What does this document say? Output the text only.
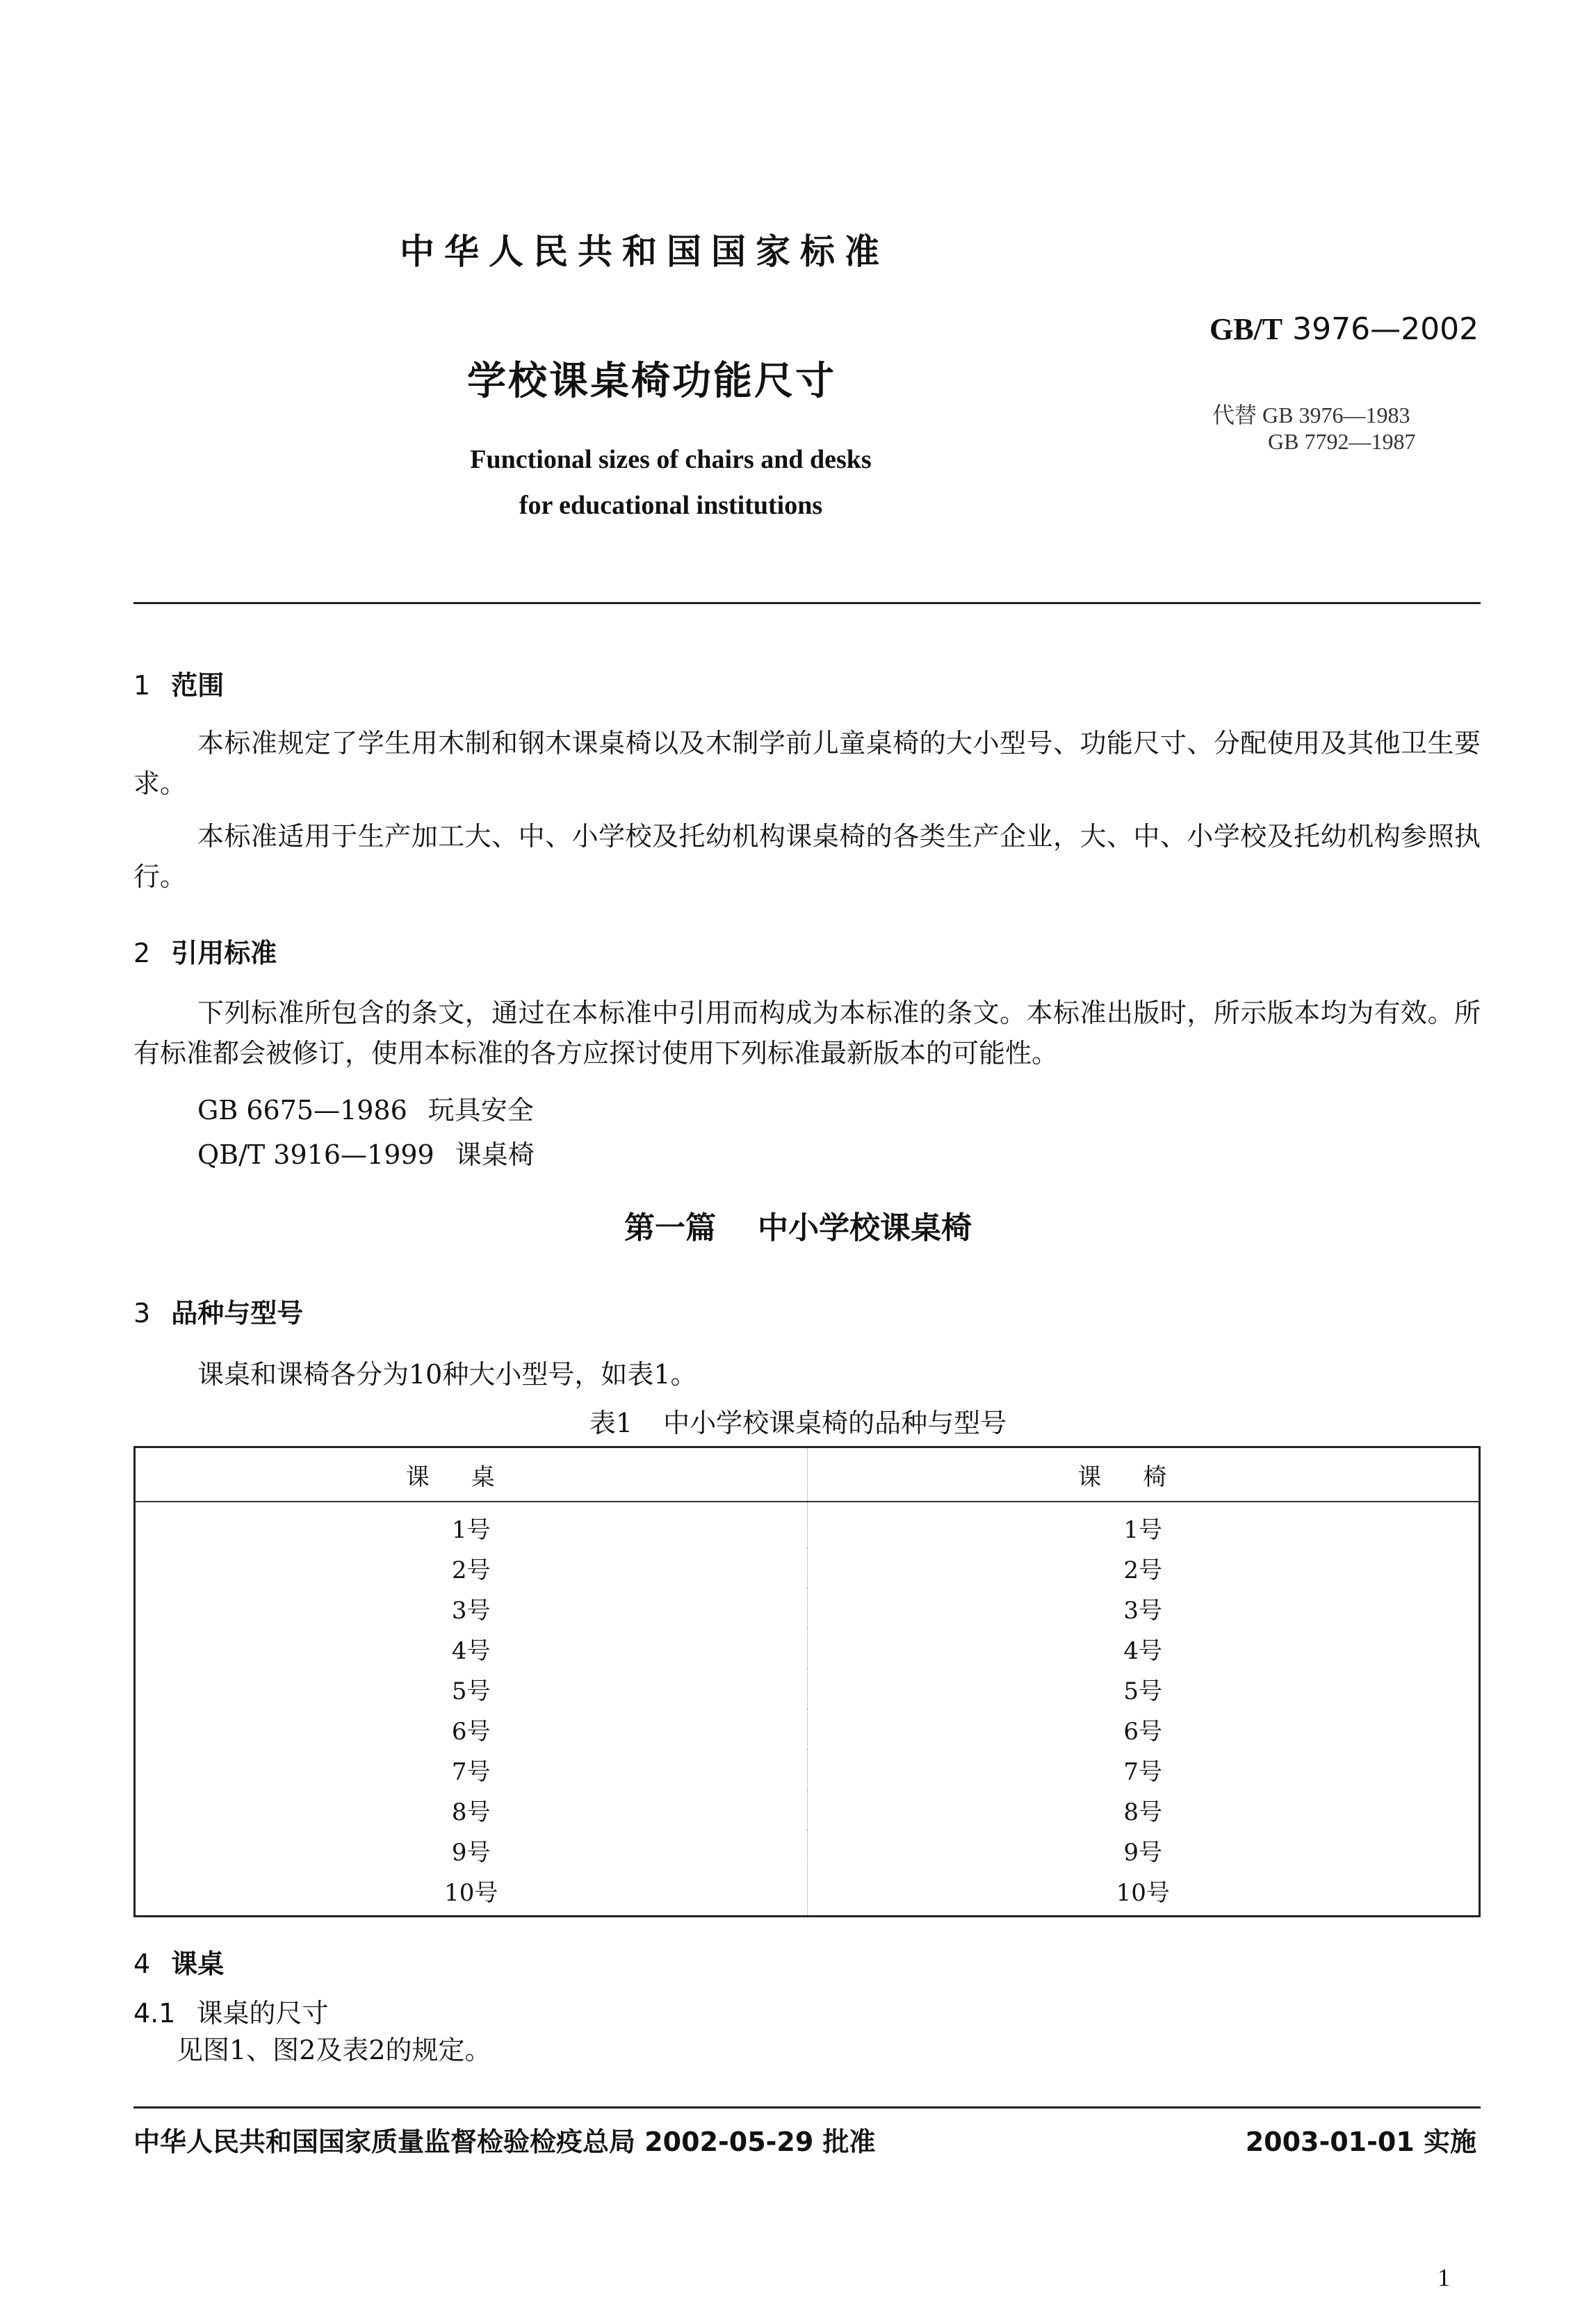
中华人民共和国国家标准
GB/T 3976—2002
学校课桌椅功能尺寸
代替 GB 3976—1983
GB 7792—1987
Functional sizes of chairs and desks
for educational institutions
1 范围
本标准规定了学生用木制和钢木课桌椅以及木制学前儿童桌椅的大小型号、功能尺寸、分配使用及其他卫生要求。
本标准适用于生产加工大、中、小学校及托幼机构课桌椅的各类生产企业，大、中、小学校及托幼机构参照执行。
2 引用标准
下列标准所包含的条文，通过在本标准中引用而构成为本标准的条文。本标准出版时，所示版本均为有效。所有标准都会被修订，使用本标准的各方应探讨使用下列标准最新版本的可能性。
GB 6675—1986 玩具安全
QB/T 3916—1999 课桌椅
第一篇 中小学校课桌椅
3 品种与型号
课桌和课椅各分为10种大小型号，如表1。
表1 中小学校课桌椅的品种与型号
课桌	课椅
1号	1号
2号	2号
3号	3号
4号	4号
5号	5号
6号	6号
7号	7号
8号	8号
9号	9号
10号	10号
4 课桌
4.1 课桌的尺寸
见图1、图2及表2的规定。
中华人民共和国国家质量监督检验检疫总局 2002-05-29 批准	2003-01-01 实施
1
